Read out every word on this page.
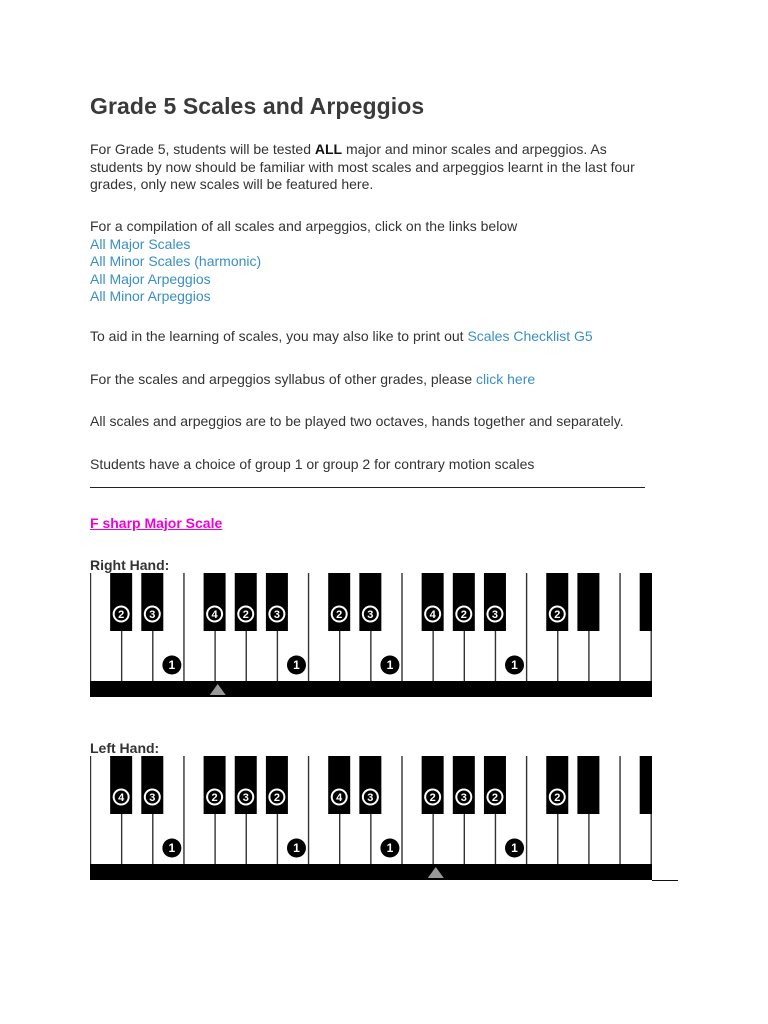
Grade 5 Scales and Arpeggios
For Grade 5, students will be tested ALL major and minor scales and arpeggios. As
students by now should be familiar with most scales and arpeggios learnt in the last four
grades, only new scales will be featured here.
For a compilation of all scales and arpeggios, click on the links below
All Major Scales
All Minor Scales (harmonic)
All Major Arpeggios
All Minor Arpeggios
To aid in the learning of scales, you may also like to print out Scales Checklist G5
For the scales and arpeggios syllabus of other grades, please click here
All scales and arpeggios are to be played two octaves, hands together and separately.
Students have a choice of group 1 or group 2 for contrary motion scales
F sharp Major Scale
Right Hand:
Left Hand:
2 3	4 2 3	2 3	4 2 3	2
1	1	1	1
4 3	2 3 2	4 3	2 3 2	2
1	1	1	1
